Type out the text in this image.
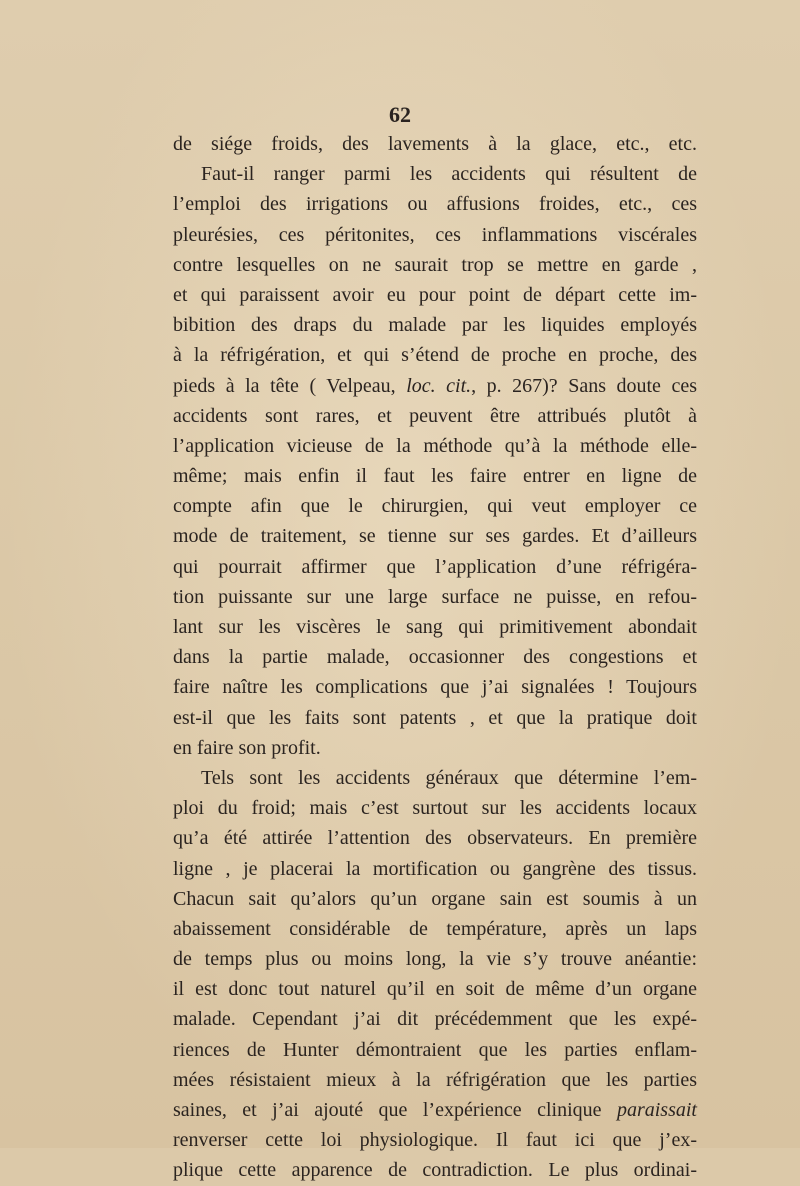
62
de siége froids, des lavements à la glace, etc., etc.
Faut-il ranger parmi les accidents qui résultent de
l’emploi des irrigations ou affusions froides, etc., ces
pleurésies, ces péritonites, ces inflammations viscérales
contre lesquelles on ne saurait trop se mettre en garde ,
et qui paraissent avoir eu pour point de départ cette im-
bibition des draps du malade par les liquides employés
à la réfrigération, et qui s’étend de proche en proche, des
pieds à la tête ( Velpeau, loc. cit., p. 267)? Sans doute ces
accidents sont rares, et peuvent être attribués plutôt à
l’application vicieuse de la méthode qu’à la méthode elle-
même; mais enfin il faut les faire entrer en ligne de
compte afin que le chirurgien, qui veut employer ce
mode de traitement, se tienne sur ses gardes. Et d’ailleurs
qui pourrait affirmer que l’application d’une réfrigéra-
tion puissante sur une large surface ne puisse, en refou-
lant sur les viscères le sang qui primitivement abondait
dans la partie malade, occasionner des congestions et
faire naître les complications que j’ai signalées ! Toujours
est-il que les faits sont patents , et que la pratique doit
en faire son profit.
Tels sont les accidents généraux que détermine l’em-
ploi du froid; mais c’est surtout sur les accidents locaux
qu’a été attirée l’attention des observateurs. En première
ligne , je placerai la mortification ou gangrène des tissus.
Chacun sait qu’alors qu’un organe sain est soumis à un
abaissement considérable de température, après un laps
de temps plus ou moins long, la vie s’y trouve anéantie:
il est donc tout naturel qu’il en soit de même d’un organe
malade. Cependant j’ai dit précédemment que les expé-
riences de Hunter démontraient que les parties enflam-
mées résistaient mieux à la réfrigération que les parties
saines, et j’ai ajouté que l’expérience clinique paraissait
renverser cette loi physiologique. Il faut ici que j’ex-
plique cette apparence de contradiction. Le plus ordinai-
